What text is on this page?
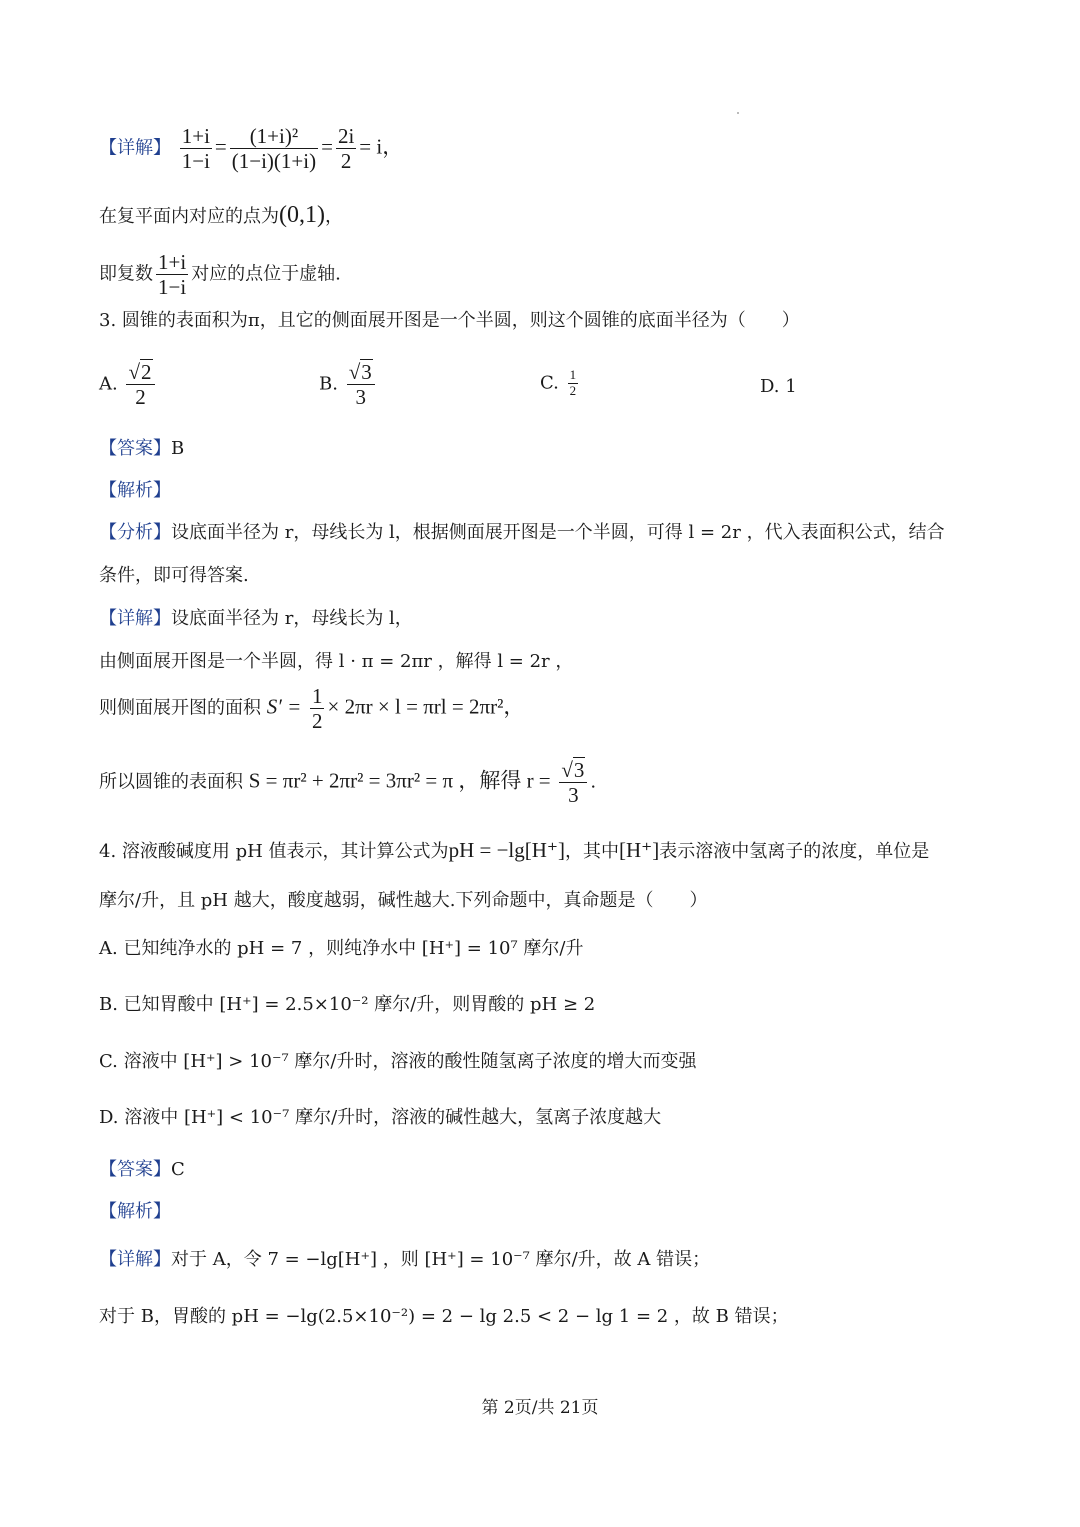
【详解】 $\frac{1+i}{1-i} = \frac{\text{(1+i)²}}{(1-i)(1+i)} = \frac{2i}{2} = i$，
在复平面内对应的点为(0,1)，
即复数 $\frac{1+i}{1-i}$ 对应的点位于虚轴.
3. 圆锥的表面积为π，且它的侧面展开图是一个半圆，则这个圆锥的底面半径为（　　）
A. $\frac{√2}{2}$	B. $\frac{√3}{3}$	C. $\frac{1}{2}$	D. 1
【答案】B
【解析】
【分析】设底面半径为 r，母线长为 l，根据侧面展开图是一个半圆，可得 l = 2r ，代入表面积公式，结合
条件，即可得答案.
【详解】设底面半径为 r，母线长为 l，
由侧面展开图是一个半圆，得 l · π = 2πr ，解得 l = 2r ，
则侧面展开图的面积 $S' = \frac{1}{2} \times 2\pi r \times l = \pi rl = 2\pi r^2$，
所以圆锥的表面积 S = πr² + 2πr² = 3πr² = π ，解得 $r = \frac{√3}{3}$ .
4. 溶液酸碱度用 pH 值表示，其计算公式为pH = −lg[H⁺]，其中[H⁺]表示溶液中氢离子的浓度，单位是
摩尔/升，且 pH 越大，酸度越弱，碱性越大.下列命题中，真命题是（　　）
A. 已知纯净水的 pH = 7 ，则纯净水中 [H⁺] = 10⁷ 摩尔/升
B. 已知胃酸中 [H⁺] = 2.5×10⁻² 摩尔/升，则胃酸的 pH ≥ 2
C. 溶液中 [H⁺] > 10⁻⁷ 摩尔/升时，溶液的酸性随氢离子浓度的增大而变强
D. 溶液中 [H⁺] < 10⁻⁷ 摩尔/升时，溶液的碱性越大，氢离子浓度越大
【答案】C
【解析】
【详解】对于 A，令 7 = −lg[H⁺] ，则 [H⁺] = 10⁻⁷ 摩尔/升，故 A 错误；
对于 B，胃酸的 pH = −lg(2.5×10⁻²) = 2 − lg 2.5 < 2 − lg 1 = 2 ，故 B 错误；
第 2页/共 21页
